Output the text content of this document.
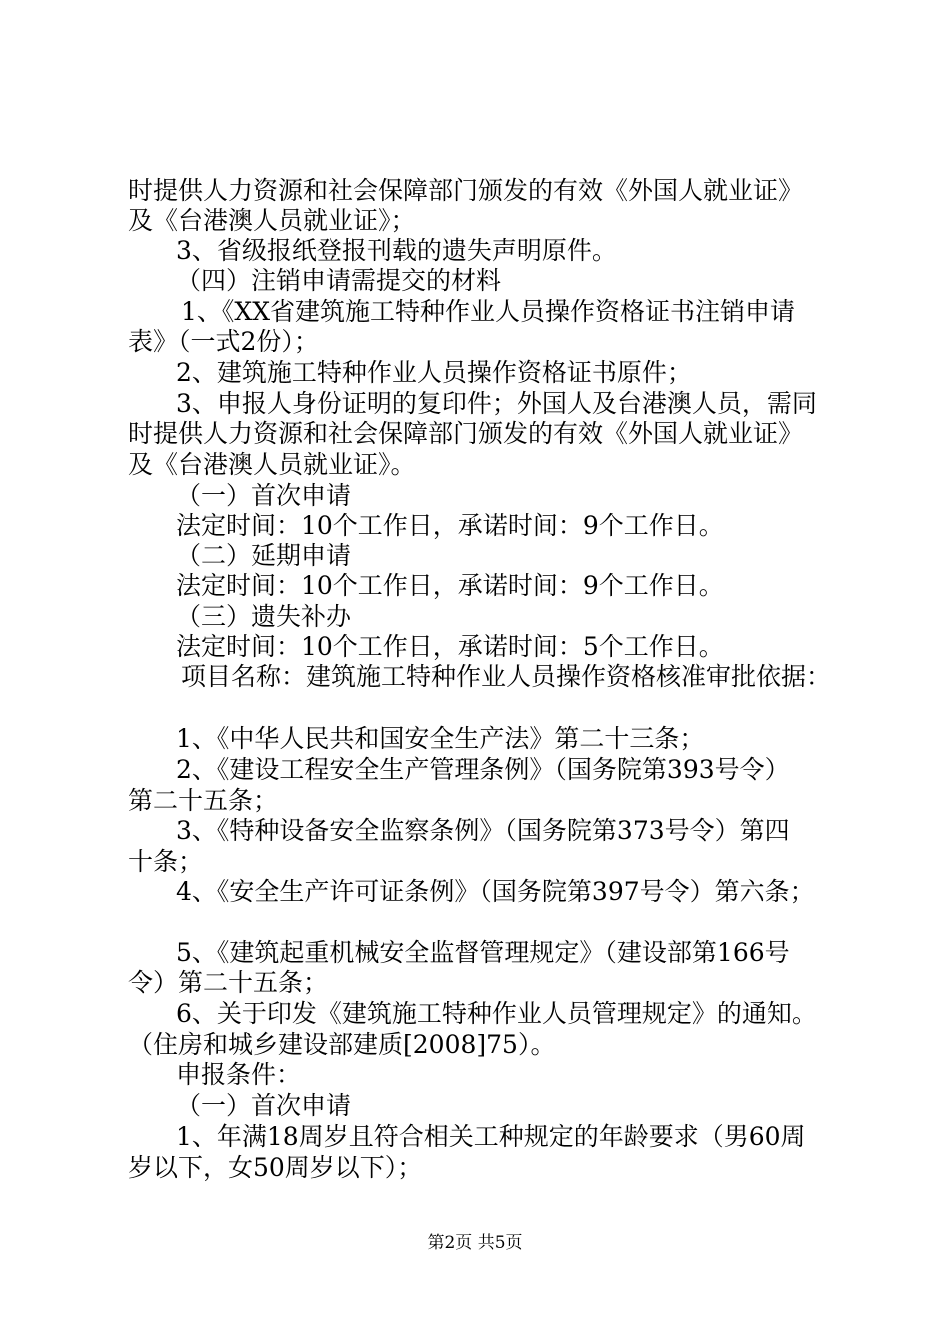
时提供人力资源和社会保障部门颁发的有效《外国人就业证》
及《台港澳人员就业证》；
3、省级报纸登报刊载的遗失声明原件。
（四）注销申请需提交的材料
1、《XX省建筑施工特种作业人员操作资格证书注销申请
表》（一式2份）；
2、建筑施工特种作业人员操作资格证书原件；
3、申报人身份证明的复印件；外国人及台港澳人员，需同
时提供人力资源和社会保障部门颁发的有效《外国人就业证》
及《台港澳人员就业证》。
（一）首次申请
法定时间：10个工作日，承诺时间：9个工作日。
（二）延期申请
法定时间：10个工作日，承诺时间：9个工作日。
（三）遗失补办
法定时间：10个工作日，承诺时间：5个工作日。
项目名称：建筑施工特种作业人员操作资格核准审批依据：
1、《中华人民共和国安全生产法》第二十三条；
2、《建设工程安全生产管理条例》（国务院第393号令）
第二十五条；
3、《特种设备安全监察条例》（国务院第373号令）第四
十条；
4、《安全生产许可证条例》（国务院第397号令）第六条；
5、《建筑起重机械安全监督管理规定》（建设部第166号
令）第二十五条；
6、关于印发《建筑施工特种作业人员管理规定》的通知。
（住房和城乡建设部建质[2008]75）。
申报条件：
（一）首次申请
1、年满18周岁且符合相关工种规定的年龄要求（男60周
岁以下，女50周岁以下）；
第2页 共5页
